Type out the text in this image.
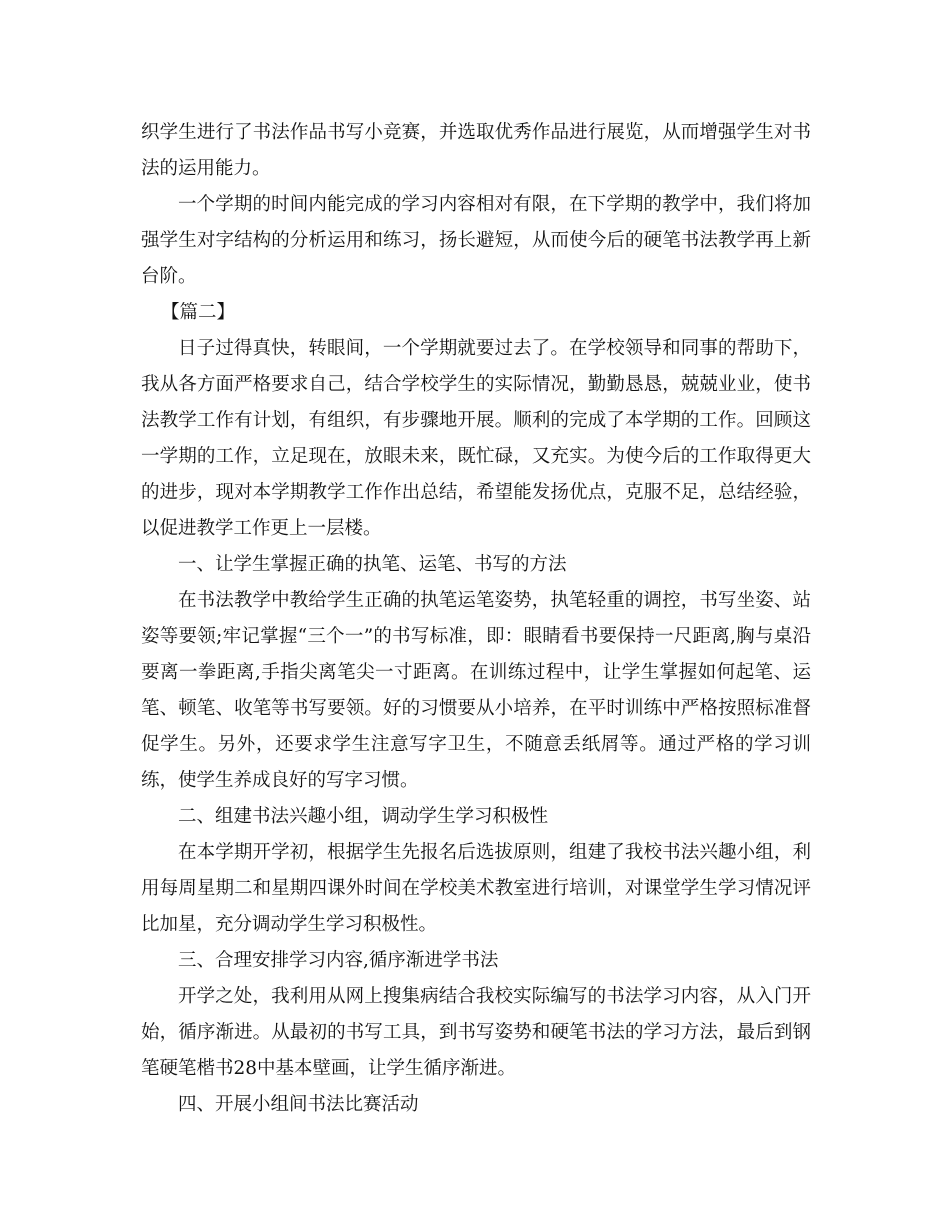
织学生进行了书法作品书写小竞赛，并选取优秀作品进行展览，从而增强学生对书法的运用能力。

一个学期的时间内能完成的学习内容相对有限，在下学期的教学中，我们将加强学生对字结构的分析运用和练习，扬长避短，从而使今后的硬笔书法教学再上新台阶。

【篇二】

日子过得真快，转眼间，一个学期就要过去了。在学校领导和同事的帮助下，我从各方面严格要求自己，结合学校学生的实际情况，勤勤恳恳，兢兢业业，使书法教学工作有计划，有组织，有步骤地开展。顺利的完成了本学期的工作。回顾这一学期的工作，立足现在，放眼未来，既忙碌，又充实。为使今后的工作取得更大的进步，现对本学期教学工作作出总结，希望能发扬优点，克服不足，总结经验，以促进教学工作更上一层楼。

一、让学生掌握正确的执笔、运笔、书写的方法

在书法教学中教给学生正确的执笔运笔姿势，执笔轻重的调控，书写坐姿、站姿等要领;牢记掌握“三个一”的书写标准，即：眼睛看书要保持一尺距离,胸与桌沿要离一拳距离,手指尖离笔尖一寸距离。在训练过程中，让学生掌握如何起笔、运笔、顿笔、收笔等书写要领。好的习惯要从小培养，在平时训练中严格按照标准督促学生。另外，还要求学生注意写字卫生，不随意丢纸屑等。通过严格的学习训练，使学生养成良好的写字习惯。

二、组建书法兴趣小组，调动学生学习积极性

在本学期开学初，根据学生先报名后选拔原则，组建了我校书法兴趣小组，利用每周星期二和星期四课外时间在学校美术教室进行培训，对课堂学生学习情况评比加星，充分调动学生学习积极性。

三、合理安排学习内容,循序渐进学书法

开学之处，我利用从网上搜集病结合我校实际编写的书法学习内容，从入门开始，循序渐进。从最初的书写工具，到书写姿势和硬笔书法的学习方法，最后到钢笔硬笔楷书28中基本壁画，让学生循序渐进。

四、开展小组间书法比赛活动
